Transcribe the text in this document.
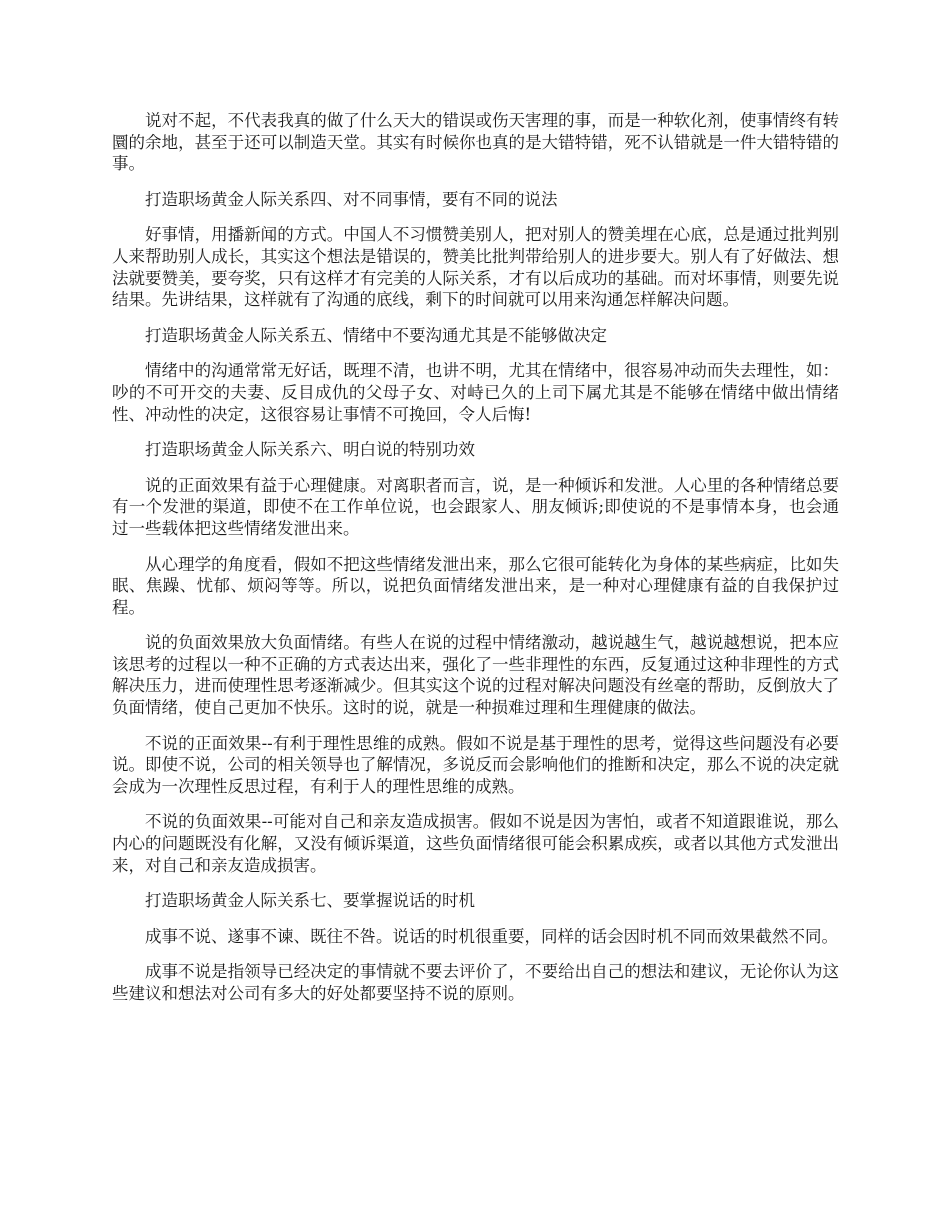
说对不起，不代表我真的做了什么天大的错误或伤天害理的事，而是一种软化剂，使事情终有转圜的余地，甚至于还可以制造天堂。其实有时候你也真的是大错特错，死不认错就是一件大错特错的事。

打造职场黄金人际关系四、对不同事情，要有不同的说法

好事情，用播新闻的方式。中国人不习惯赞美别人，把对别人的赞美埋在心底，总是通过批判别人来帮助别人成长，其实这个想法是错误的，赞美比批判带给别人的进步要大。别人有了好做法、想法就要赞美，要夸奖，只有这样才有完美的人际关系，才有以后成功的基础。而对坏事情，则要先说结果。先讲结果，这样就有了沟通的底线，剩下的时间就可以用来沟通怎样解决问题。

打造职场黄金人际关系五、情绪中不要沟通尤其是不能够做决定

情绪中的沟通常常无好话，既理不清，也讲不明，尤其在情绪中，很容易冲动而失去理性，如：吵的不可开交的夫妻、反目成仇的父母子女、对峙已久的上司下属尤其是不能够在情绪中做出情绪性、冲动性的决定，这很容易让事情不可挽回，令人后悔!

打造职场黄金人际关系六、明白说的特别功效

说的正面效果有益于心理健康。对离职者而言，说，是一种倾诉和发泄。人心里的各种情绪总要有一个发泄的渠道，即使不在工作单位说，也会跟家人、朋友倾诉;即使说的不是事情本身，也会通过一些载体把这些情绪发泄出来。

从心理学的角度看，假如不把这些情绪发泄出来，那么它很可能转化为身体的某些病症，比如失眠、焦躁、忧郁、烦闷等等。所以，说把负面情绪发泄出来，是一种对心理健康有益的自我保护过程。

说的负面效果放大负面情绪。有些人在说的过程中情绪激动，越说越生气，越说越想说，把本应该思考的过程以一种不正确的方式表达出来，强化了一些非理性的东西，反复通过这种非理性的方式解决压力，进而使理性思考逐渐减少。但其实这个说的过程对解决问题没有丝毫的帮助，反倒放大了负面情绪，使自己更加不快乐。这时的说，就是一种损难过理和生理健康的做法。

不说的正面效果--有利于理性思维的成熟。假如不说是基于理性的思考，觉得这些问题没有必要说。即使不说，公司的相关领导也了解情况，多说反而会影响他们的推断和决定，那么不说的决定就会成为一次理性反思过程，有利于人的理性思维的成熟。

不说的负面效果--可能对自己和亲友造成损害。假如不说是因为害怕，或者不知道跟谁说，那么内心的问题既没有化解，又没有倾诉渠道，这些负面情绪很可能会积累成疾，或者以其他方式发泄出来，对自己和亲友造成损害。

打造职场黄金人际关系七、要掌握说话的时机

成事不说、遂事不谏、既往不咎。说话的时机很重要，同样的话会因时机不同而效果截然不同。

成事不说是指领导已经决定的事情就不要去评价了，不要给出自己的想法和建议，无论你认为这些建议和想法对公司有多大的好处都要坚持不说的原则。
